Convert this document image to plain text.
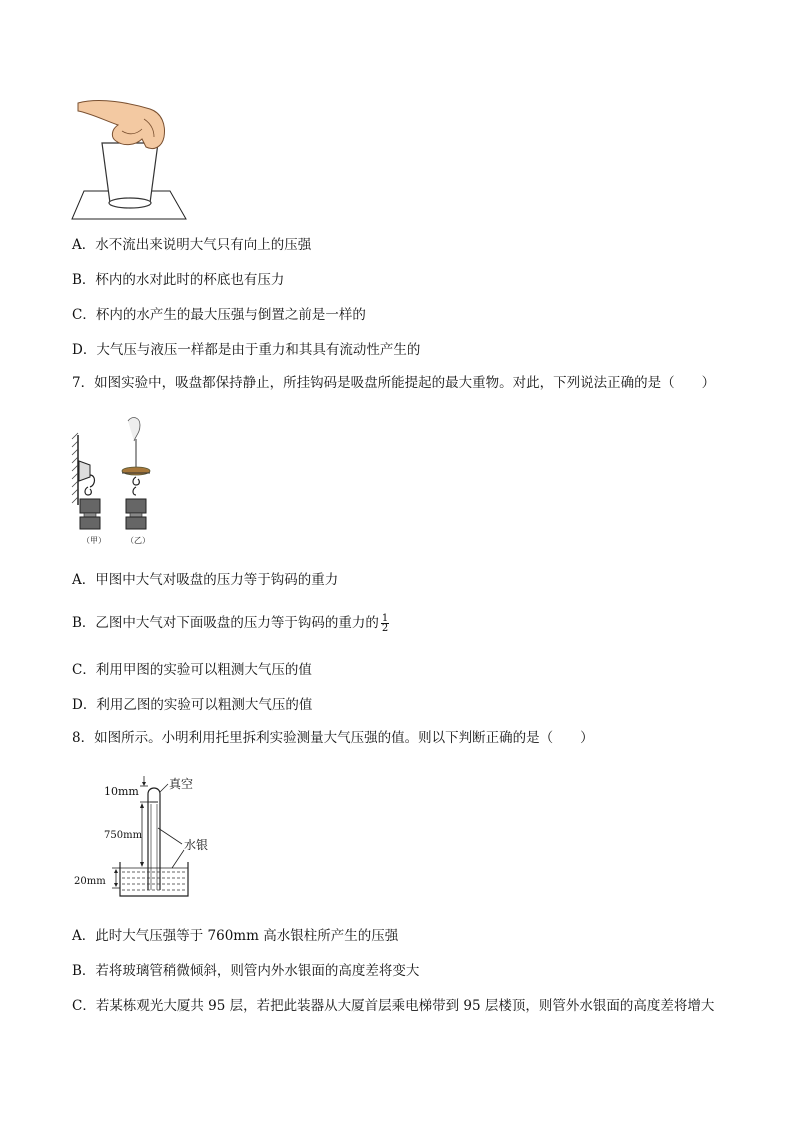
A．水不流出来说明大气只有向上的压强
B．杯内的水对此时的杯底也有压力
C．杯内的水产生的最大压强与倒置之前是一样的
D．大气压与液压一样都是由于重力和其具有流动性产生的
7．如图实验中，吸盘都保持静止，所挂钩码是吸盘所能提起的最大重物。对此，下列说法正确的是（　　）
（甲）	（乙）
A．甲图中大气对吸盘的压力等于钩码的重力
B．乙图中大气对下面吸盘的压力等于钩码的重力的 $\frac{1}{2}$
C．利用甲图的实验可以粗测大气压的值
D．利用乙图的实验可以粗测大气压的值
8．如图所示。小明利用托里拆利实验测量大气压强的值。则以下判断正确的是（　　）
10mm
真空
750mm
水银
20mm
A．此时大气压强等于 760mm 高水银柱所产生的压强
B．若将玻璃管稍微倾斜，则管内外水银面的高度差将变大
C．若某栋观光大厦共 95 层，若把此装器从大厦首层乘电梯带到 95 层楼顶，则管外水银面的高度差将增大
